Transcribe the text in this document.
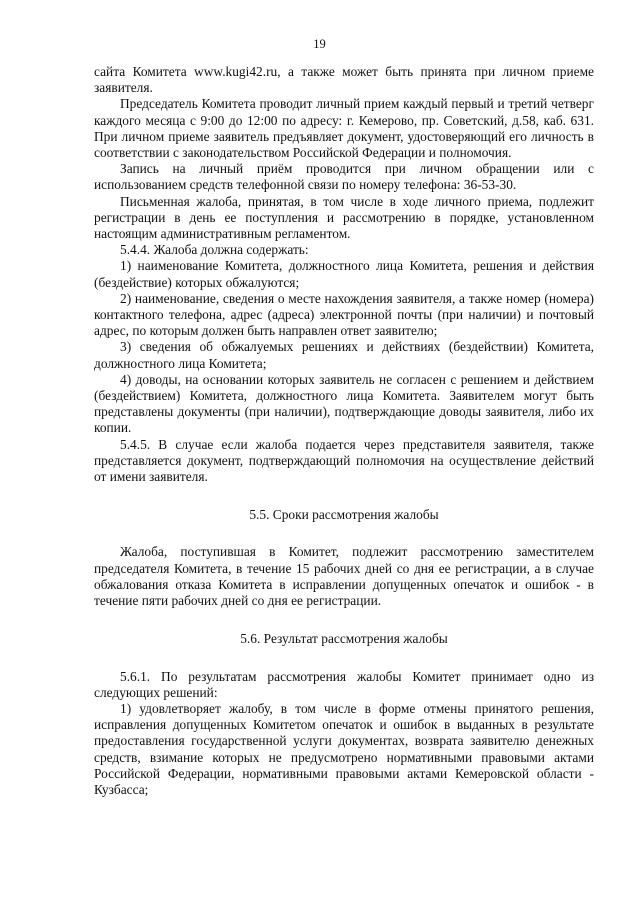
19

сайта Комитета www.kugi42.ru, а также может быть принята при личном приеме заявителя.

Председатель Комитета проводит личный прием каждый первый и третий четверг каждого месяца с 9:00 до 12:00 по адресу: г. Кемерово, пр. Советский, д.58, каб. 631. При личном приеме заявитель предъявляет документ, удостоверяющий его личность в соответствии с законодательством Российской Федерации и полномочия.

Запись на личный приём проводится при личном обращении или с использованием средств телефонной связи по номеру телефона: 36-53-30.

Письменная жалоба, принятая, в том числе в ходе личного приема, подлежит регистрации в день ее поступления и рассмотрению в порядке, установленном настоящим административным регламентом.

5.4.4. Жалоба должна содержать:

1) наименование Комитета, должностного лица Комитета, решения и действия (бездействие) которых обжалуются;

2) наименование, сведения о месте нахождения заявителя, а также номер (номера) контактного телефона, адрес (адреса) электронной почты (при наличии) и почтовый адрес, по которым должен быть направлен ответ заявителю;

3) сведения об обжалуемых решениях и действиях (бездействии) Комитета, должностного лица Комитета;

4) доводы, на основании которых заявитель не согласен с решением и действием (бездействием) Комитета, должностного лица Комитета. Заявителем могут быть представлены документы (при наличии), подтверждающие доводы заявителя, либо их копии.

5.4.5. В случае если жалоба подается через представителя заявителя, также представляется документ, подтверждающий полномочия на осуществление действий от имени заявителя.

5.5. Сроки рассмотрения жалобы

Жалоба, поступившая в Комитет, подлежит рассмотрению заместителем председателя Комитета, в течение 15 рабочих дней со дня ее регистрации, а в случае обжалования отказа Комитета в исправлении допущенных опечаток и ошибок - в течение пяти рабочих дней со дня ее регистрации.

5.6. Результат рассмотрения жалобы

5.6.1. По результатам рассмотрения жалобы Комитет принимает одно из следующих решений:

1) удовлетворяет жалобу, в том числе в форме отмены принятого решения, исправления допущенных Комитетом опечаток и ошибок в выданных в результате предоставления государственной услуги документах, возврата заявителю денежных средств, взимание которых не предусмотрено нормативными правовыми актами Российской Федерации, нормативными правовыми актами Кемеровской области - Кузбасса;
